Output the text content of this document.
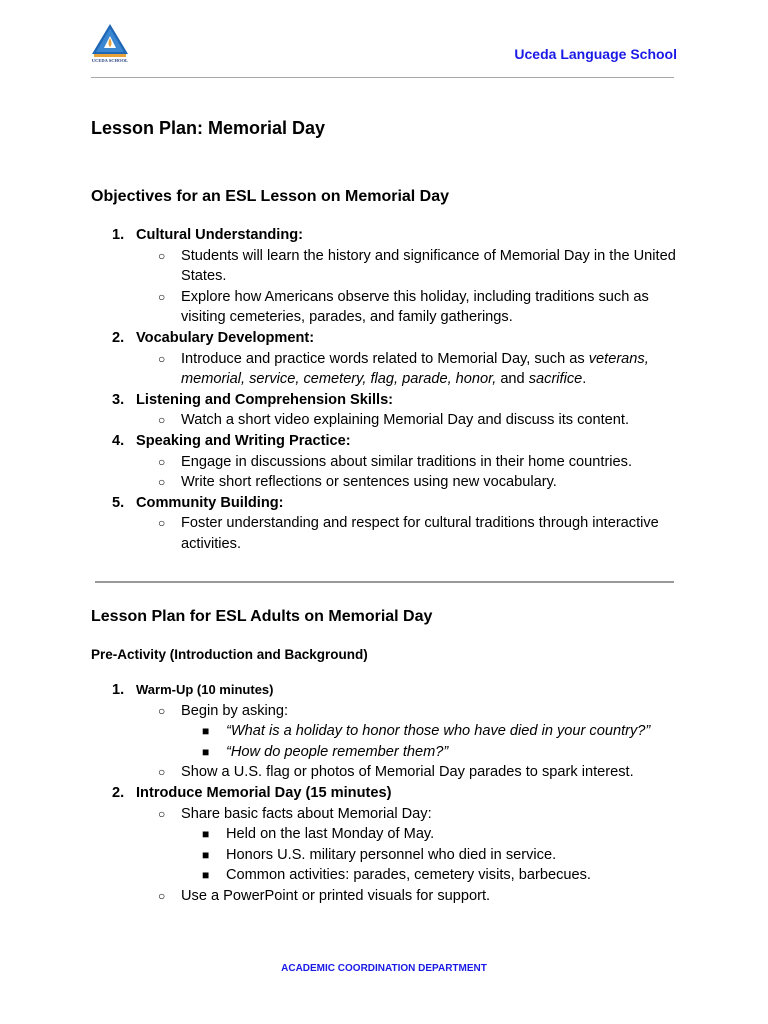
UCEDA SCHOOL	Uceda Language School
Lesson Plan: Memorial Day
Objectives for an ESL Lesson on Memorial Day
1. Cultural Understanding:
○ Students will learn the history and significance of Memorial Day in the United States.
○ Explore how Americans observe this holiday, including traditions such as visiting cemeteries, parades, and family gatherings.
2. Vocabulary Development:
○ Introduce and practice words related to Memorial Day, such as veterans, memorial, service, cemetery, flag, parade, honor, and sacrifice.
3. Listening and Comprehension Skills:
○ Watch a short video explaining Memorial Day and discuss its content.
4. Speaking and Writing Practice:
○ Engage in discussions about similar traditions in their home countries.
○ Write short reflections or sentences using new vocabulary.
5. Community Building:
○ Foster understanding and respect for cultural traditions through interactive activities.
Lesson Plan for ESL Adults on Memorial Day
Pre-Activity (Introduction and Background)
1. Warm-Up (10 minutes)
○ Begin by asking:
■ “What is a holiday to honor those who have died in your country?”
■ “How do people remember them?”
○ Show a U.S. flag or photos of Memorial Day parades to spark interest.
2. Introduce Memorial Day (15 minutes)
○ Share basic facts about Memorial Day:
■ Held on the last Monday of May.
■ Honors U.S. military personnel who died in service.
■ Common activities: parades, cemetery visits, barbecues.
○ Use a PowerPoint or printed visuals for support.
ACADEMIC COORDINATION DEPARTMENT
